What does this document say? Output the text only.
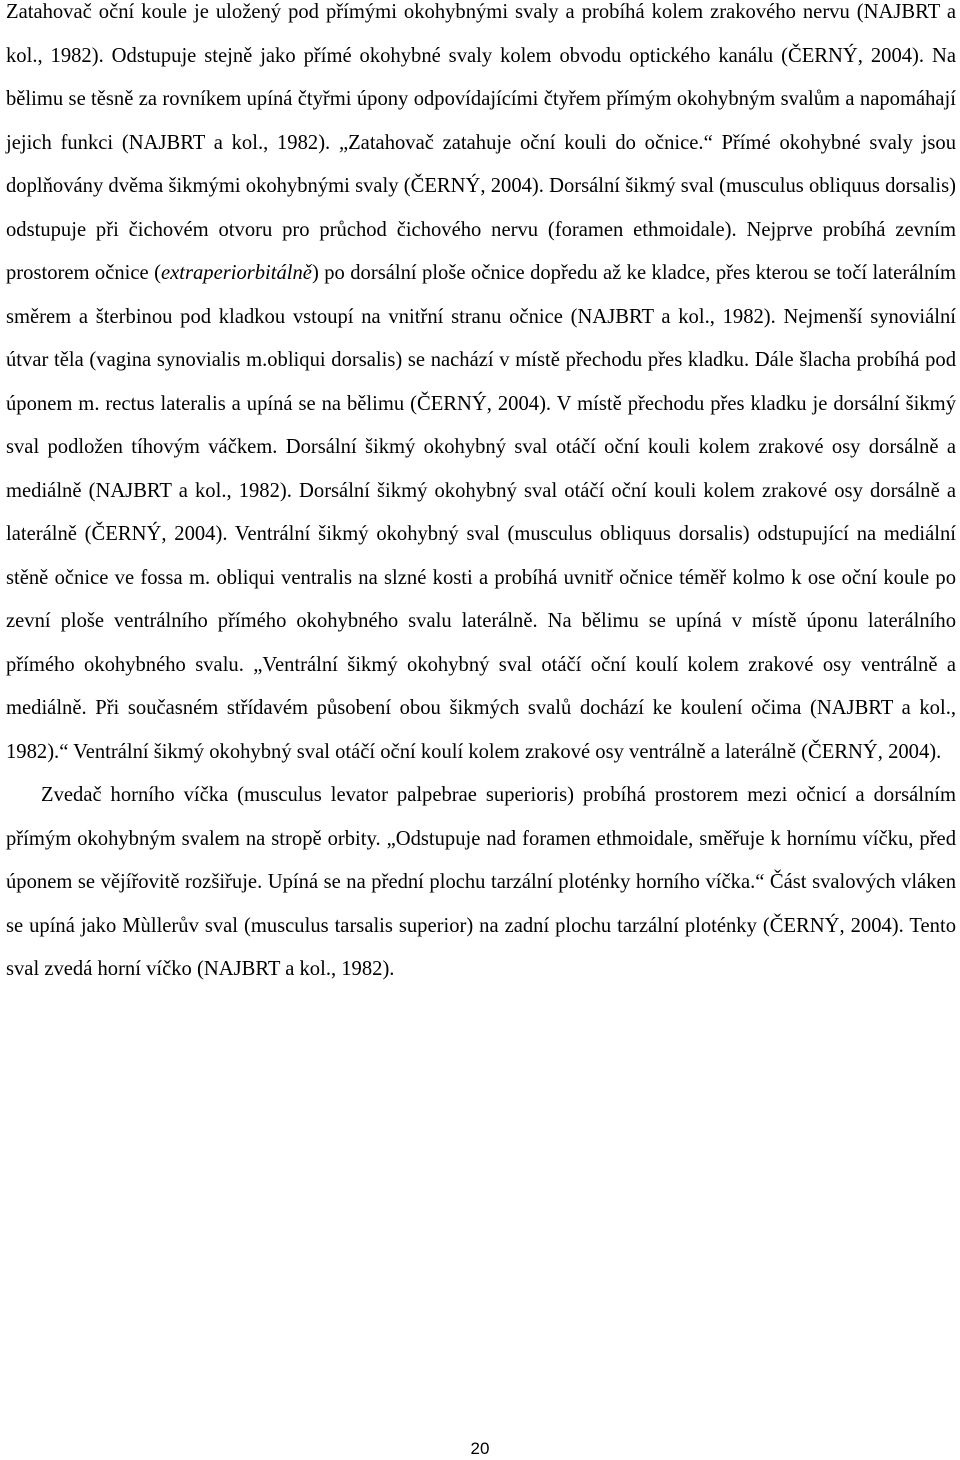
Zatahovač oční koule je uložený pod přímými okohybnými svaly a probíhá kolem zrakového nervu (NAJBRT a kol., 1982). Odstupuje stejně jako přímé okohybné svaly kolem obvodu optického kanálu (ČERNÝ, 2004). Na bělimu se těsně za rovníkem upíná čtyřmi úpony odpovídajícími čtyřem přímým okohybným svalům a napomáhají jejich funkci (NAJBRT a kol., 1982). „Zatahovač zatahuje oční kouli do očnice.“ Přímé okohybné svaly jsou doplňovány dvěma šikmými okohybnými svaly (ČERNÝ, 2004). Dorsální šikmý sval (musculus obliquus dorsalis) odstupuje při čichovém otvoru pro průchod čichového nervu (foramen ethmoidale). Nejprve probíhá zevním prostorem očnice (extraperiorbitálně) po dorsální ploše očnice dopředu až ke kladce, přes kterou se točí laterálním směrem a šterbinou pod kladkou vstoupí na vnitřní stranu očnice (NAJBRT a kol., 1982). Nejmenší synoviální útvar těla (vagina synovialis m.obliqui dorsalis) se nachází v místě přechodu přes kladku. Dále šlacha probíhá pod úponem m. rectus lateralis a upíná se na bělimu (ČERNÝ, 2004). V místě přechodu přes kladku je dorsální šikmý sval podložen tíhovým váčkem. Dorsální šikmý okohybný sval otáčí oční kouli kolem zrakové osy dorsálně a mediálně (NAJBRT a kol., 1982). Dorsální šikmý okohybný sval otáčí oční kouli kolem zrakové osy dorsálně a laterálně (ČERNÝ, 2004). Ventrální šikmý okohybný sval (musculus obliquus dorsalis) odstupující na mediální stěně očnice ve fossa m. obliqui ventralis na slzné kosti a probíhá uvnitř očnice téměř kolmo k ose oční koule po zevní ploše ventrálního přímého okohybného svalu laterálně. Na bělimu se upíná v místě úponu laterálního přímého okohybného svalu. „Ventrální šikmý okohybný sval otáčí oční koulí kolem zrakové osy ventrálně a mediálně. Při současném střídavém působení obou šikmých svalů dochází ke koulení očima (NAJBRT a kol., 1982).“ Ventrální šikmý okohybný sval otáčí oční koulí kolem zrakové osy ventrálně a laterálně (ČERNÝ, 2004).

Zvedač horního víčka (musculus levator palpebrae superioris) probíhá prostorem mezi očnicí a dorsálním přímým okohybným svalem na stropě orbity. „Odstupuje nad foramen ethmoidale, směřuje k hornímu víčku, před úponem se vějířovitě rozšiřuje. Upíná se na přední plochu tarzální ploténky horního víčka.“ Část svalových vláken se upíná jako Mùllerův sval (musculus tarsalis superior) na zadní plochu tarzální ploténky (ČERNÝ, 2004). Tento sval zvedá horní víčko (NAJBRT a kol., 1982).

20
